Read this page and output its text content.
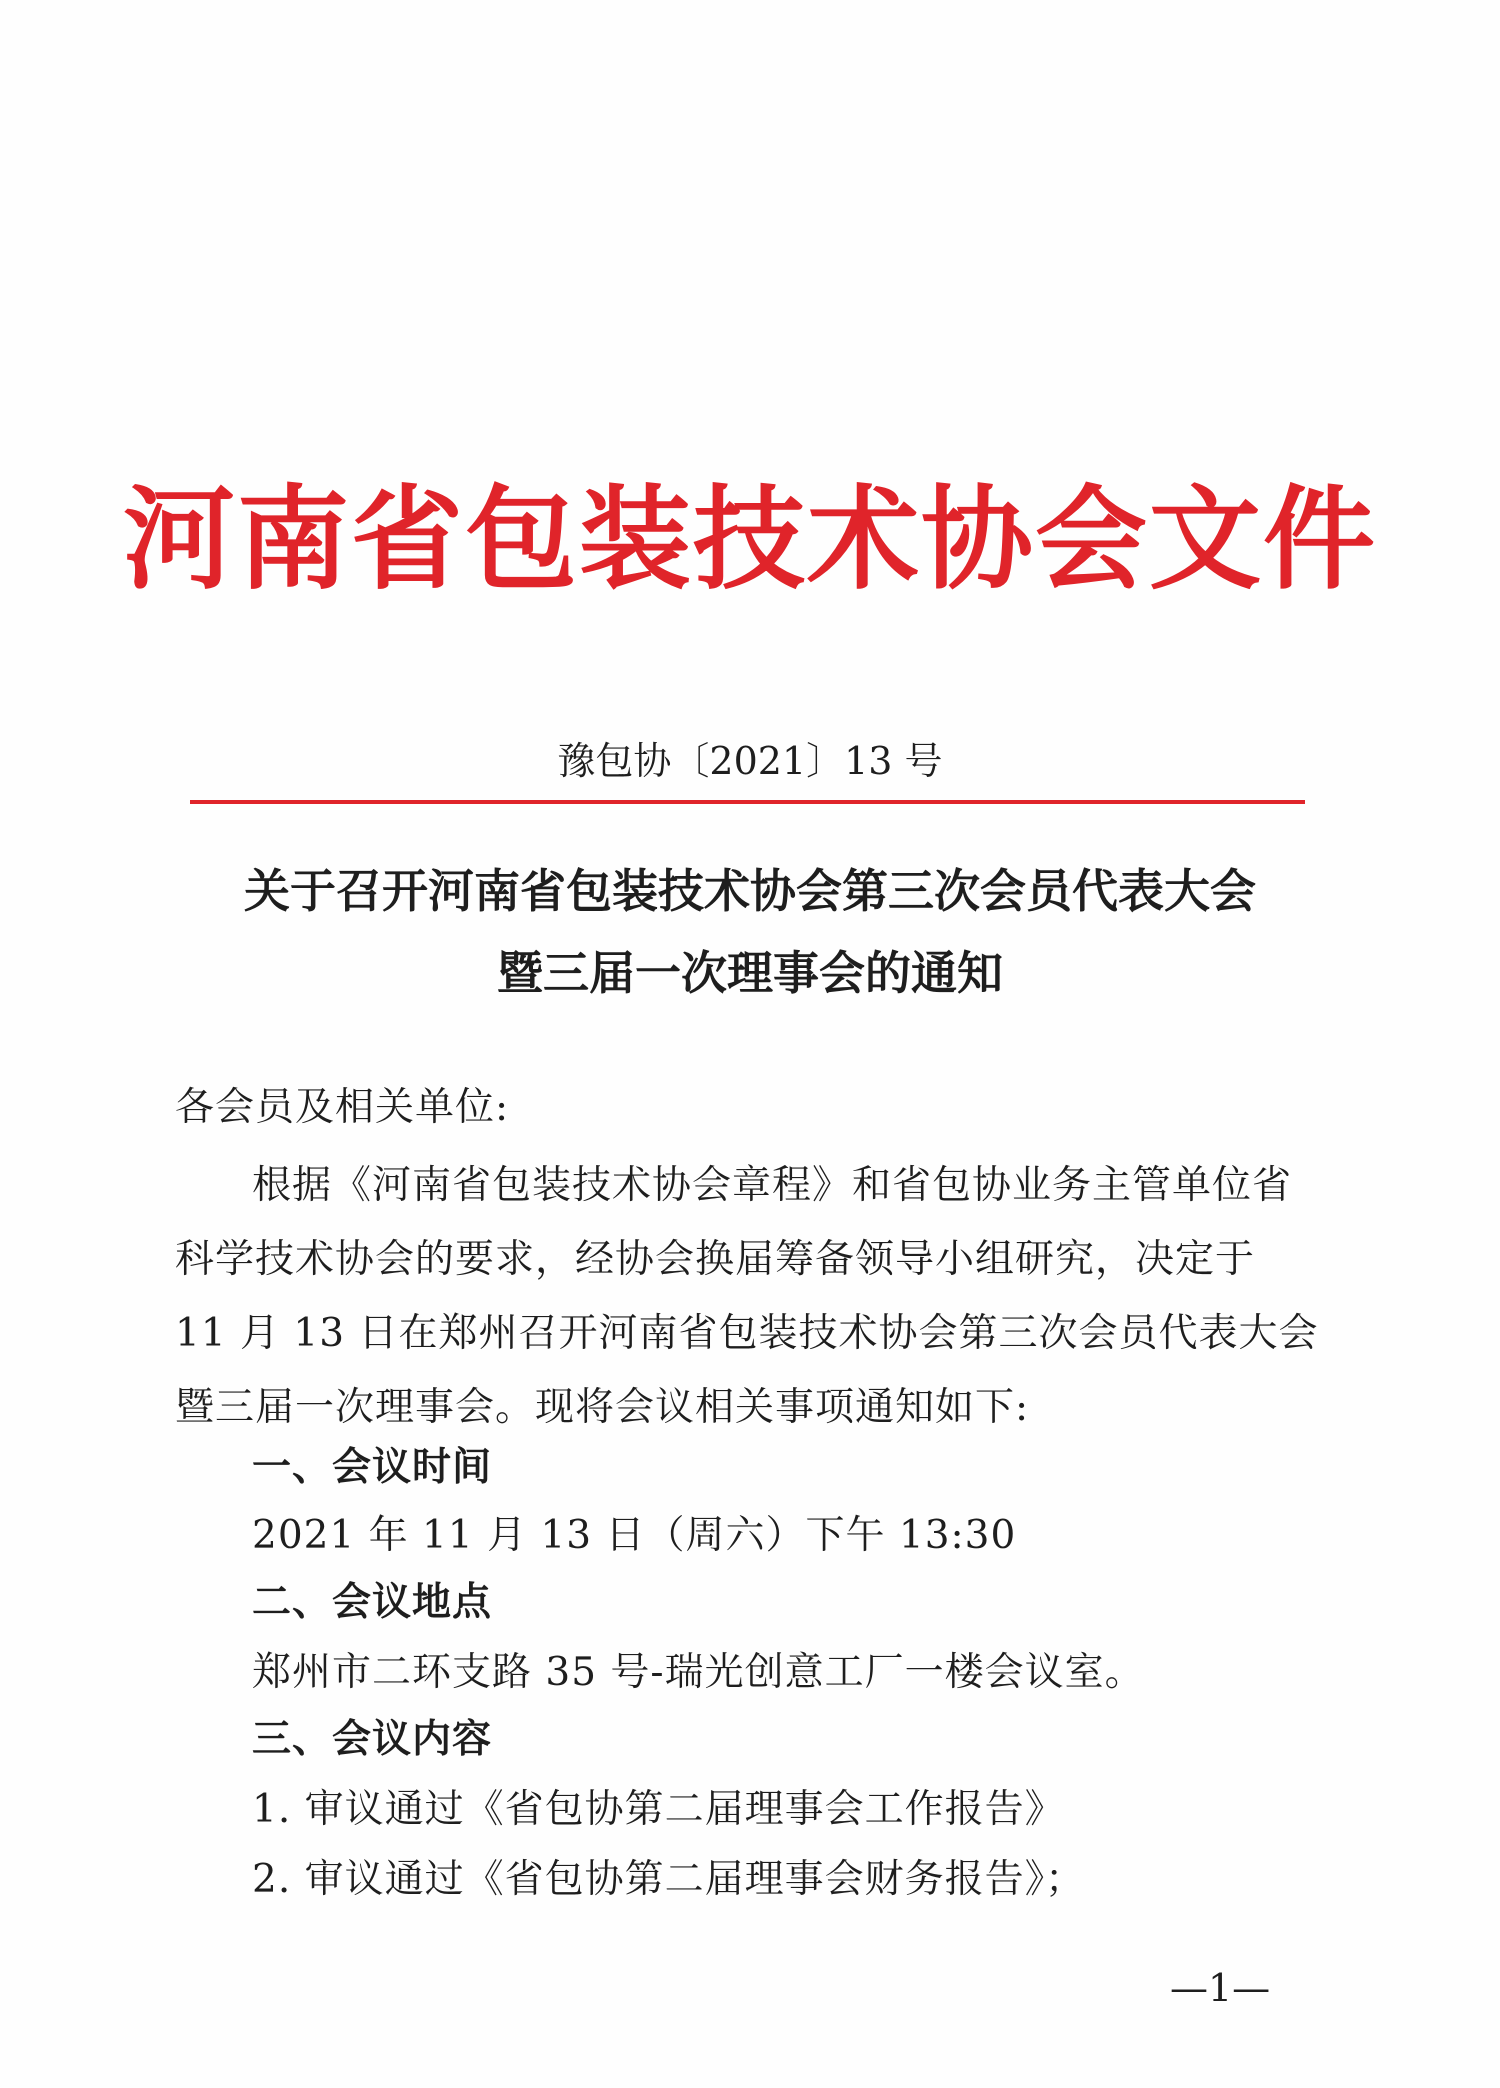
河南省包装技术协会文件
豫包协〔2021〕13 号
关于召开河南省包装技术协会第三次会员代表大会
暨三届一次理事会的通知
各会员及相关单位:
根据《河南省包装技术协会章程》和省包协业务主管单位省
科学技术协会的要求，经协会换届筹备领导小组研究，决定于
11 月 13 日在郑州召开河南省包装技术协会第三次会员代表大会
暨三届一次理事会。现将会议相关事项通知如下:
一、会议时间
2021 年 11 月 13 日（周六）下午 13:30
二、会议地点
郑州市二环支路 35 号-瑞光创意工厂一楼会议室。
三、会议内容
1. 审议通过《省包协第二届理事会工作报告》
2. 审议通过《省包协第二届理事会财务报告》；
—1—
